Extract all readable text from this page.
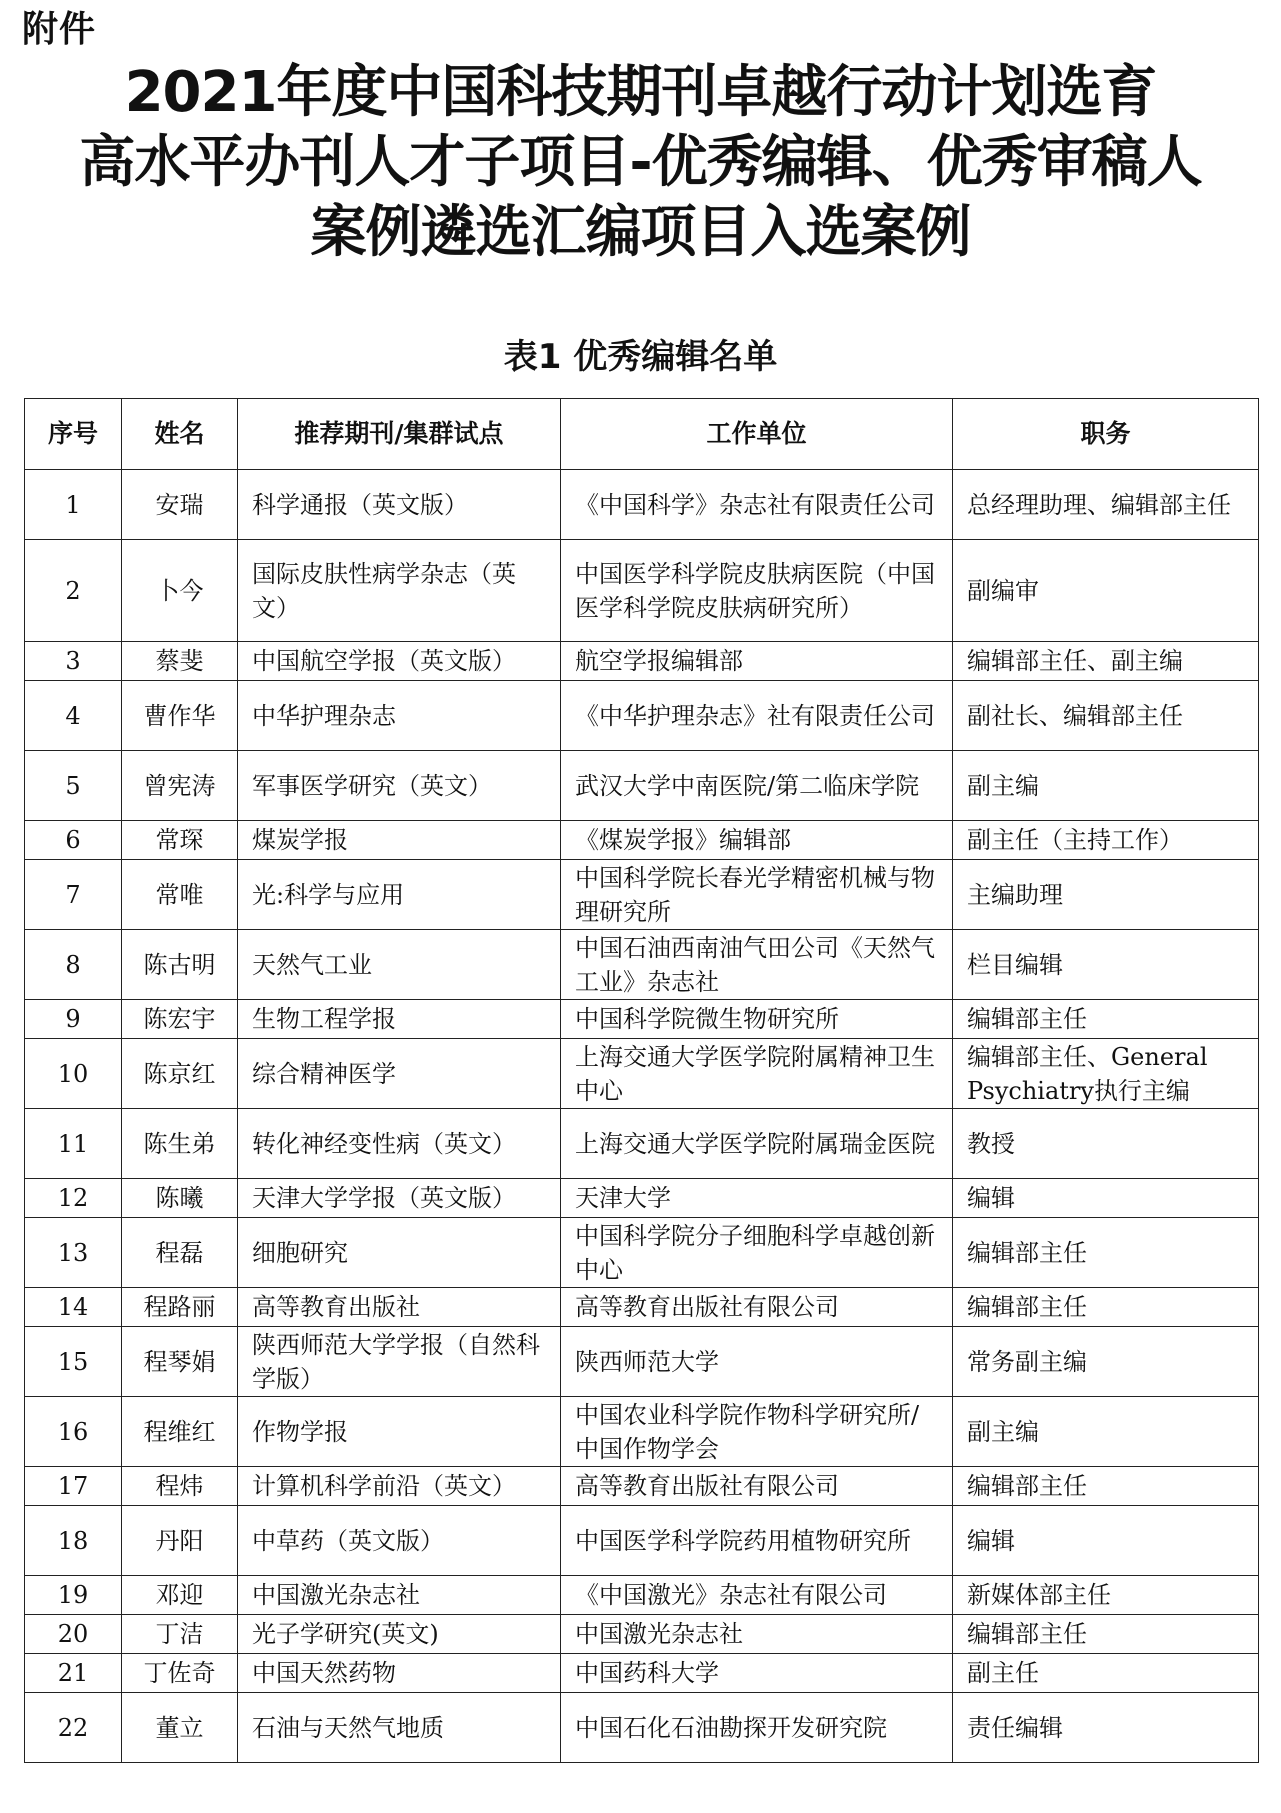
附件
2021年度中国科技期刊卓越行动计划选育
高水平办刊人才子项目-优秀编辑、优秀审稿人
案例遴选汇编项目入选案例
表1 优秀编辑名单
序号	姓名	推荐期刊/集群试点	工作单位	职务
1	安瑞	科学通报（英文版）	《中国科学》杂志社有限责任公司	总经理助理、编辑部主任
2	卜今	国际皮肤性病学杂志（英文）	中国医学科学院皮肤病医院（中国医学科学院皮肤病研究所）	副编审
3	蔡斐	中国航空学报（英文版）	航空学报编辑部	编辑部主任、副主编
4	曹作华	中华护理杂志	《中华护理杂志》社有限责任公司	副社长、编辑部主任
5	曾宪涛	军事医学研究（英文）	武汉大学中南医院/第二临床学院	副主编
6	常琛	煤炭学报	《煤炭学报》编辑部	副主任（主持工作）
7	常唯	光:科学与应用	中国科学院长春光学精密机械与物理研究所	主编助理
8	陈古明	天然气工业	中国石油西南油气田公司《天然气工业》杂志社	栏目编辑
9	陈宏宇	生物工程学报	中国科学院微生物研究所	编辑部主任
10	陈京红	综合精神医学	上海交通大学医学院附属精神卫生中心	编辑部主任、General Psychiatry执行主编
11	陈生弟	转化神经变性病（英文）	上海交通大学医学院附属瑞金医院	教授
12	陈曦	天津大学学报（英文版）	天津大学	编辑
13	程磊	细胞研究	中国科学院分子细胞科学卓越创新中心	编辑部主任
14	程路丽	高等教育出版社	高等教育出版社有限公司	编辑部主任
15	程琴娟	陕西师范大学学报（自然科学版）	陕西师范大学	常务副主编
16	程维红	作物学报	中国农业科学院作物科学研究所/中国作物学会	副主编
17	程炜	计算机科学前沿（英文）	高等教育出版社有限公司	编辑部主任
18	丹阳	中草药（英文版）	中国医学科学院药用植物研究所	编辑
19	邓迎	中国激光杂志社	《中国激光》杂志社有限公司	新媒体部主任
20	丁洁	光子学研究(英文)	中国激光杂志社	编辑部主任
21	丁佐奇	中国天然药物	中国药科大学	副主任
22	董立	石油与天然气地质	中国石化石油勘探开发研究院	责任编辑
